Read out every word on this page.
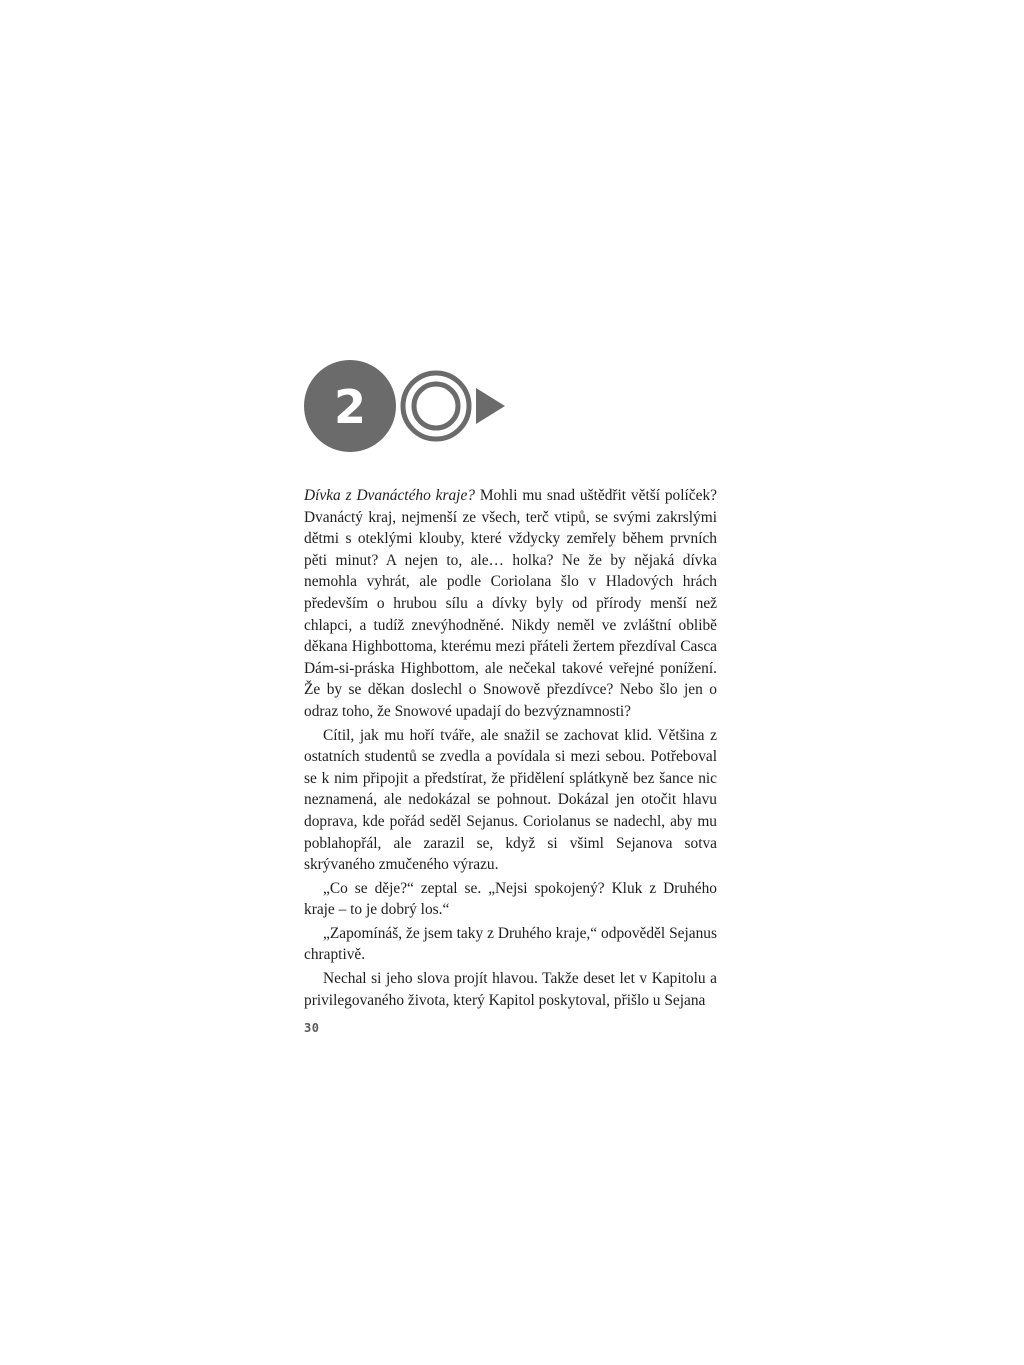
2

Dívka z Dvanáctého kraje? Mohli mu snad uštědřit větší políček? Dvanáctý kraj, nejmenší ze všech, terč vtipů, se svými zakrslými dětmi s oteklými klouby, které vždycky zemřely během prvních pěti minut? A nejen to, ale… holka? Ne že by nějaká dívka nemohla vyhrát, ale podle Coriolana šlo v Hladových hrách především o hrubou sílu a dívky byly od přírody menší než chlapci, a tudíž znevýhodněné. Nikdy neměl ve zvláštní oblibě děkana Highbottoma, kterému mezi přáteli žertem přezdíval Casca Dám-si-práska Highbottom, ale nečekal takové veřejné ponížení. Že by se děkan doslechl o Snowově přezdívce? Nebo šlo jen o odraz toho, že Snowové upadají do bezvýznamnosti?

Cítil, jak mu hoří tváře, ale snažil se zachovat klid. Většina z ostatních studentů se zvedla a povídala si mezi sebou. Potřeboval se k nim připojit a předstírat, že přidělení splátkyně bez šance nic neznamená, ale nedokázal se pohnout. Dokázal jen otočit hlavu doprava, kde pořád seděl Sejanus. Coriolanus se nadechl, aby mu poblahopřál, ale zarazil se, když si všiml Sejanova sotva skrývaného zmučeného výrazu.

„Co se děje?“ zeptal se. „Nejsi spokojený? Kluk z Druhého kraje – to je dobrý los.“

„Zapomínáš, že jsem taky z Druhého kraje,“ odpověděl Sejanus chraptivě.

Nechal si jeho slova projít hlavou. Takže deset let v Kapitolu a privilegovaného života, který Kapitol poskytoval, přišlo u Sejana

30
